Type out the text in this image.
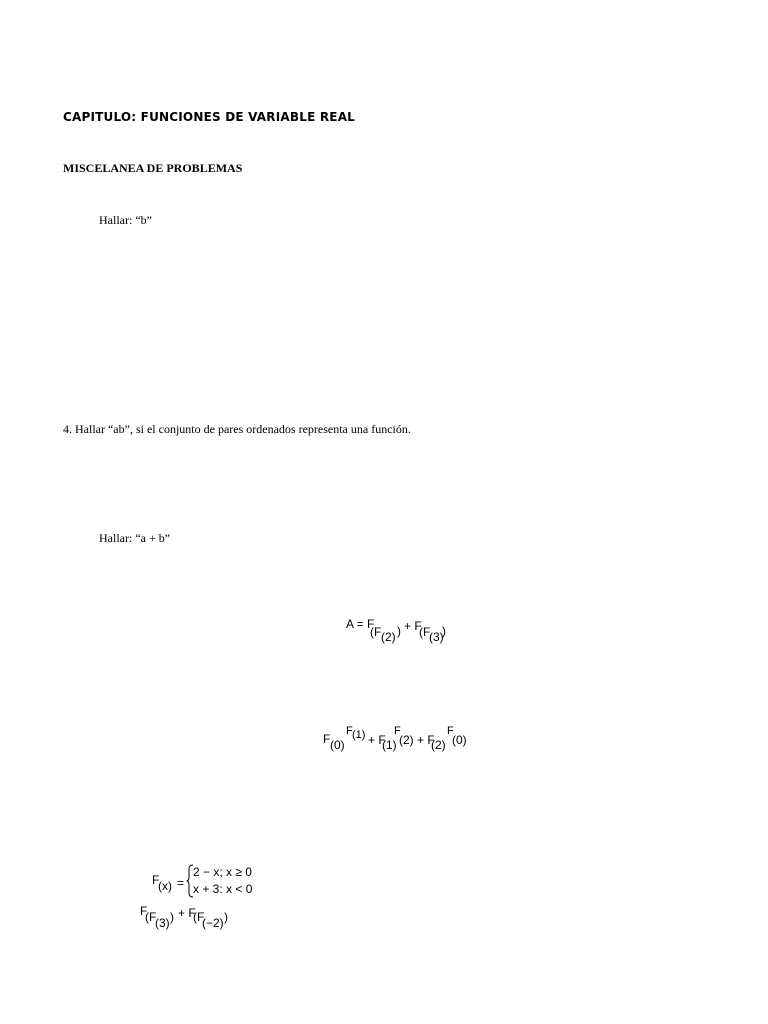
CAPITULO: FUNCIONES DE VARIABLE REAL
MISCELANEA DE PROBLEMAS
Hallar: “b”
4. Hallar “ab”, si el conjunto de pares ordenados representa una función.
Hallar: “a + b”
A = F
(F (2) ) + F
(F
(3)
)
F (0)
F (1) + F
(1)
F
(2) + F
(2)
F
(0)
F
(x) =
2 − x; x ≥ 0
x + 3: x < 0
F
(F
(3) ) + F
(F
(−2) )
